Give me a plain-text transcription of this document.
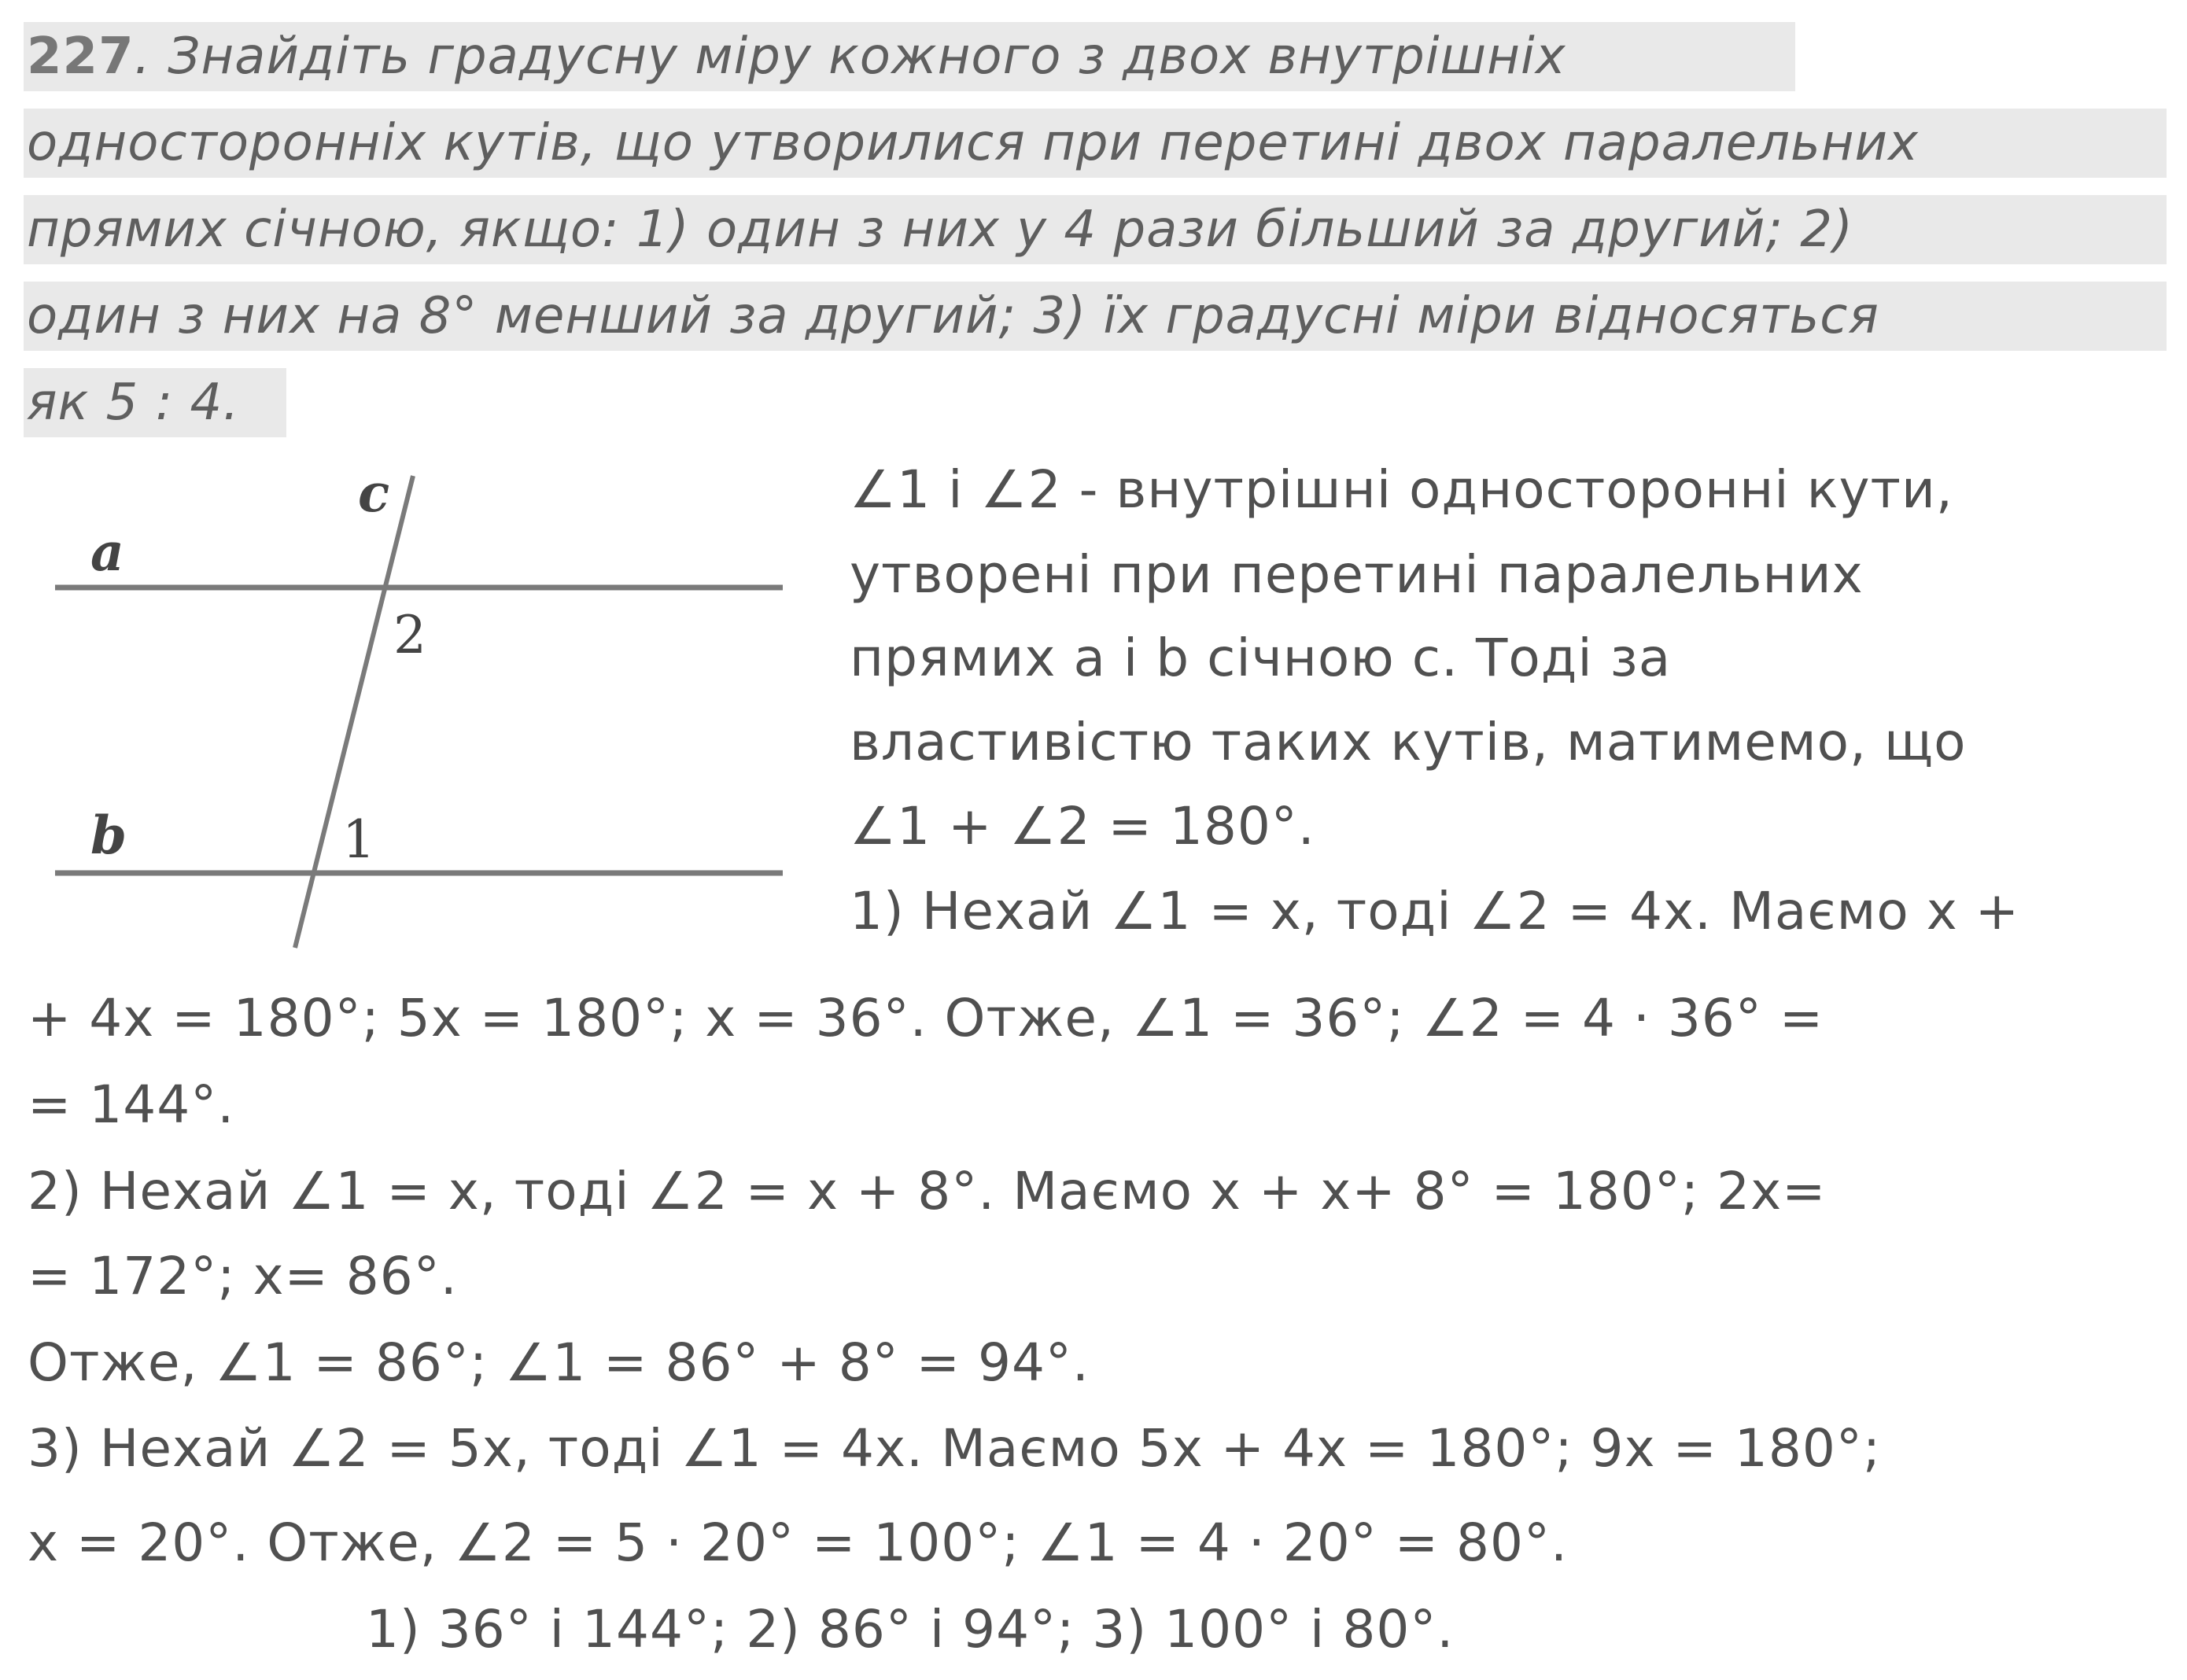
227. Знайдіть градусну міру кожного з двох внутрішніх
односторонніх кутів, що утворилися при перетині двох паралельних
прямих січною, якщо: 1) один з них у 4 рази більший за другий; 2)
один з них на 8° менший за другий; 3) їх градусні міри відносяться
як 5 : 4.
c
a
b
2
1
∠1 і ∠2 - внутрішні односторонні кути,
утворені при перетині паралельних
прямих a і b січною c. Тоді за
властивістю таких кутів, матимемо, що
∠1 + ∠2 = 180°.
1) Нехай ∠1 = x, тоді ∠2 = 4x. Маємо x +
+ 4x = 180°; 5x = 180°; x = 36°. Отже, ∠1 = 36°; ∠2 = 4 · 36° =
= 144°.
2) Нехай ∠1 = x, тоді ∠2 = x + 8°. Маємо x + x+ 8° = 180°; 2x=
= 172°; x= 86°.
Отже, ∠1 = 86°; ∠1 = 86° + 8° = 94°.
3) Нехай ∠2 = 5x, тоді ∠1 = 4x. Маємо 5x + 4x = 180°; 9x = 180°;
x = 20°. Отже, ∠2 = 5 · 20° = 100°; ∠1 = 4 · 20° = 80°.
1) 36° і 144°; 2) 86° і 94°; 3) 100° і 80°.
